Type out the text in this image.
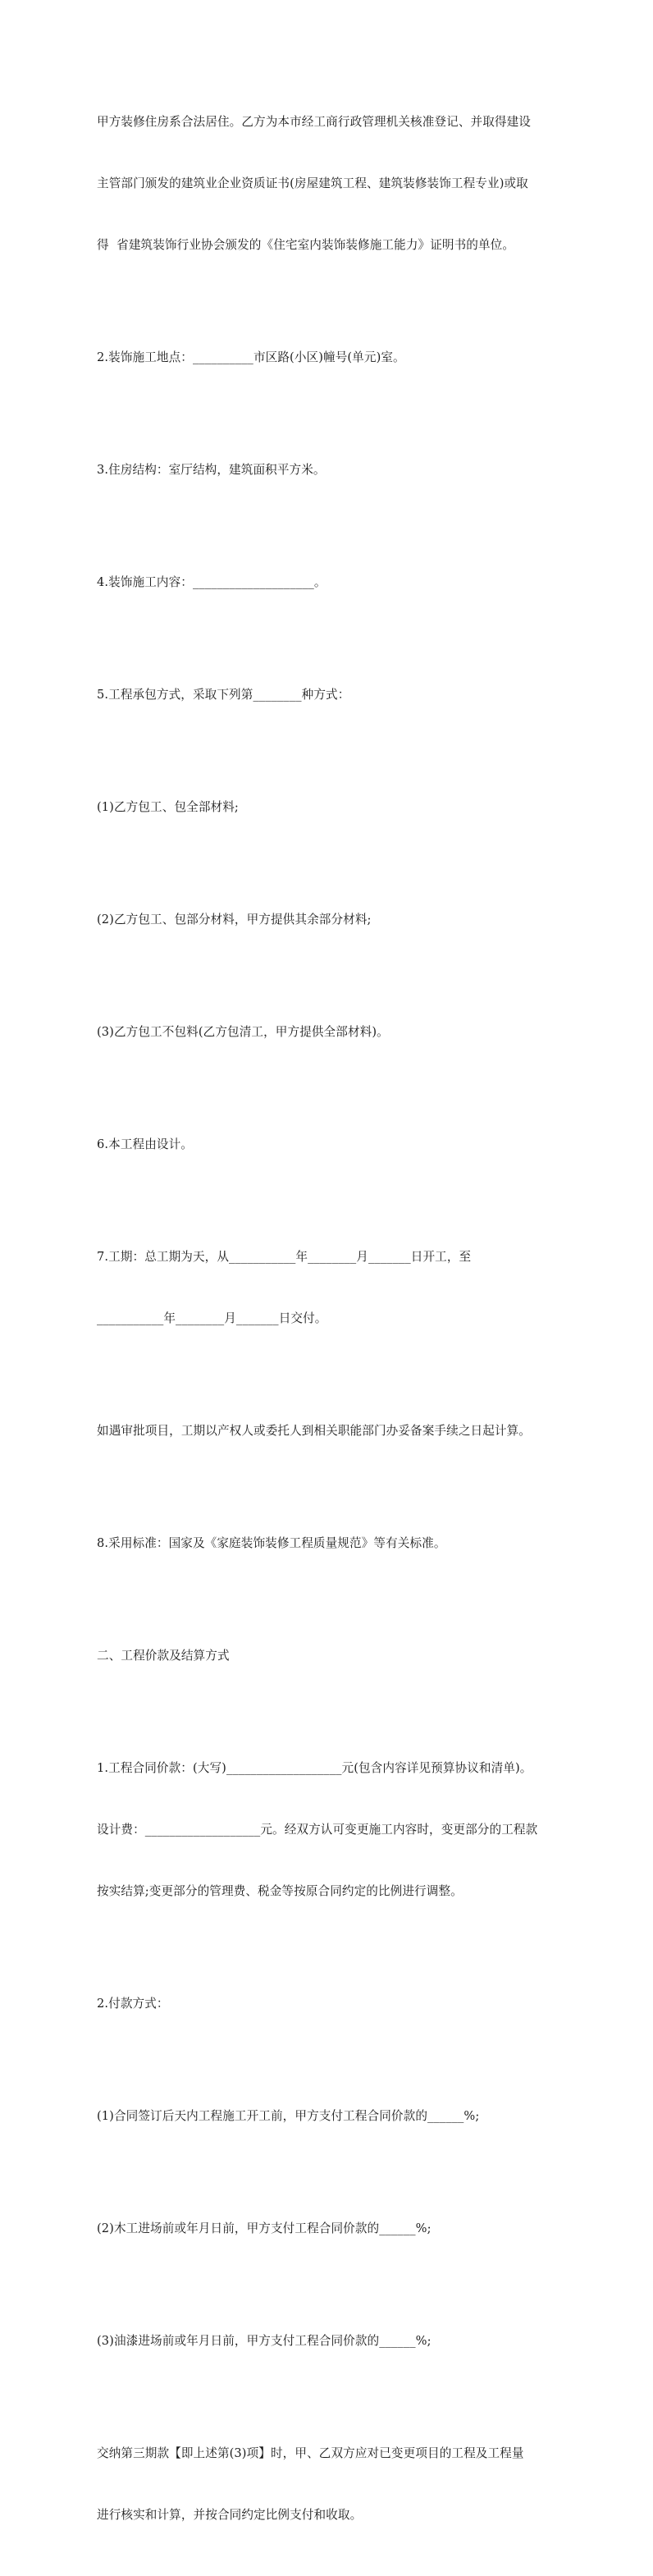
甲方装修住房系合法居住。乙方为本市经工商行政管理机关核准登记、并取得建设

主管部门颁发的建筑业企业资质证书(房屋建筑工程、建筑装修装饰工程专业)或取

得  省建筑装饰行业协会颁发的《住宅室内装饰装修施工能力》证明书的单位。

2.装饰施工地点：__________市区路(小区)幢号(单元)室。

3.住房结构：室厅结构，建筑面积平方米。

4.装饰施工内容：____________________。

5.工程承包方式，采取下列第________种方式：

(1)乙方包工、包全部材料;

(2)乙方包工、包部分材料，甲方提供其余部分材料;

(3)乙方包工不包料(乙方包清工，甲方提供全部材料)。

6.本工程由设计。

7.工期：总工期为天，从___________年________月_______日开工，至

___________年________月_______日交付。

如遇审批项目，工期以产权人或委托人到相关职能部门办妥备案手续之日起计算。

8.采用标准：国家及《家庭装饰装修工程质量规范》等有关标准。

二、工程价款及结算方式

1.工程合同价款：(大写)___________________元(包含内容详见预算协议和清单)。

设计费：___________________元。经双方认可变更施工内容时，变更部分的工程款

按实结算;变更部分的管理费、税金等按原合同约定的比例进行调整。

2.付款方式：

(1)合同签订后天内工程施工开工前，甲方支付工程合同价款的______%;

(2)木工进场前或年月日前，甲方支付工程合同价款的______%;

(3)油漆进场前或年月日前，甲方支付工程合同价款的______%;

交纳第三期款【即上述第(3)项】时，甲、乙双方应对已变更项目的工程及工程量

进行核实和计算，并按合同约定比例支付和收取。
